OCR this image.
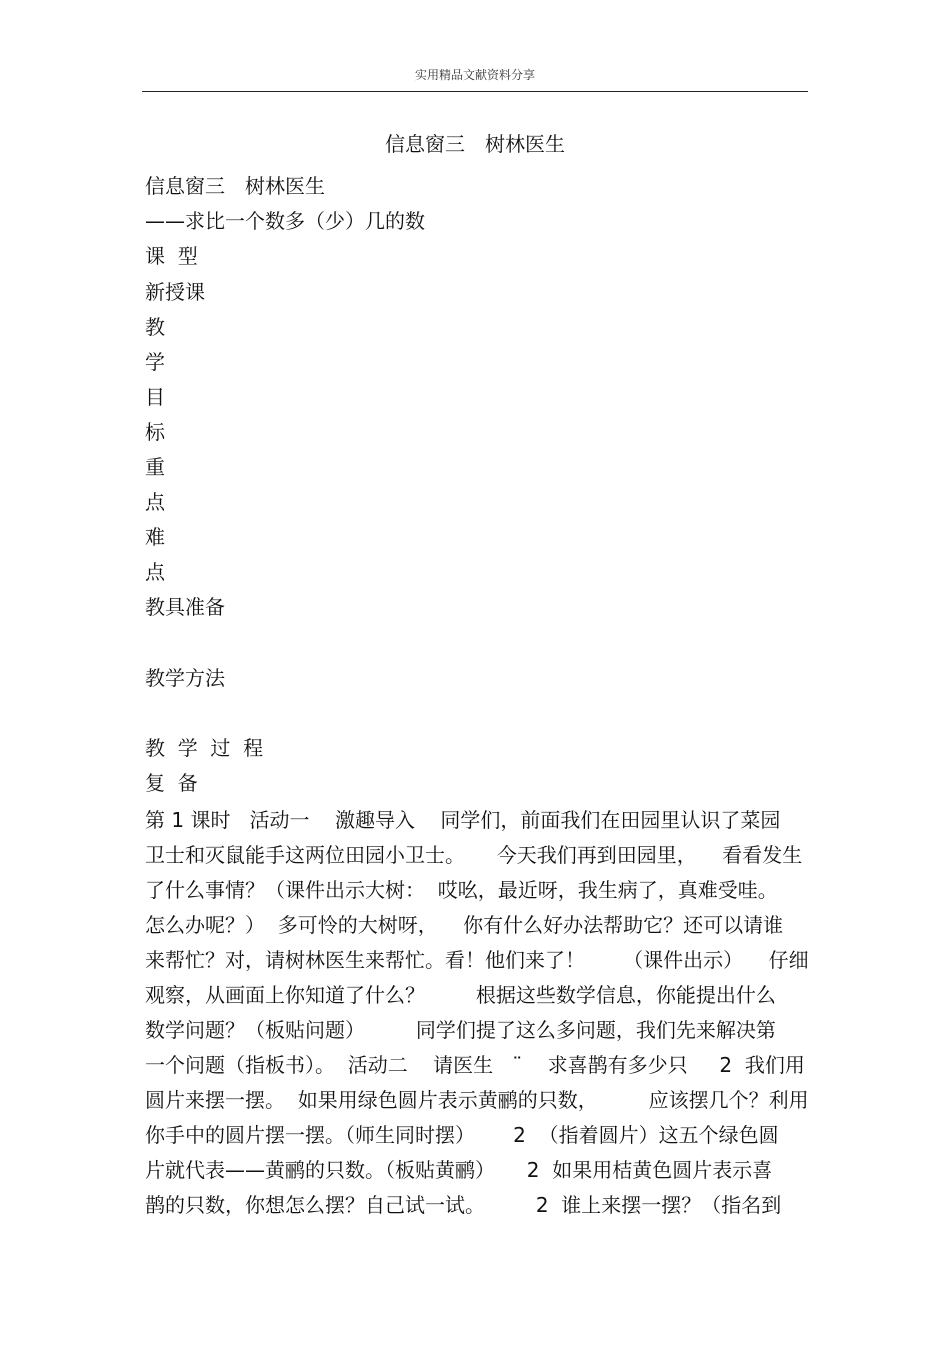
实用精品文献资料分享
信息窗三　树林医生
信息窗三　树林医生
——求比一个数多（少）几的数
课  型
新授课
教
学
目
标
重
点
难
点
教具准备
教学方法
教  学  过  程
复  备
第 1 课时   活动一    激趣导入    同学们，前面我们在田园里认识了菜园
卫士和灭鼠能手这两位田园小卫士。     今天我们再到田园里，    看看发生
了什么事情？（课件出示大树：  哎吆，最近呀，我生病了，真难受哇。
怎么办呢？）  多可怜的大树呀，    你有什么好办法帮助它？还可以请谁
来帮忙？对，请树林医生来帮忙。看！他们来了！      （课件出示）    仔细
观察，从画面上你知道了什么？        根据这些数学信息，你能提出什么
数学问题？（板贴问题）        同学们提了这么多问题，我们先来解决第
一个问题（指板书）。  活动二    请医生   ¨    求喜鹊有多少只     2  我们用
圆片来摆一摆。  如果用绿色圆片表示黄鹂的只数，        应该摆几个？利用
你手中的圆片摆一摆。（师生同时摆）      2  （指着圆片）这五个绿色圆
片就代表——黄鹂的只数。（板贴黄鹂）     2  如果用桔黄色圆片表示喜
鹊的只数，你想怎么摆？自己试一试。        2  谁上来摆一摆？（指名到
